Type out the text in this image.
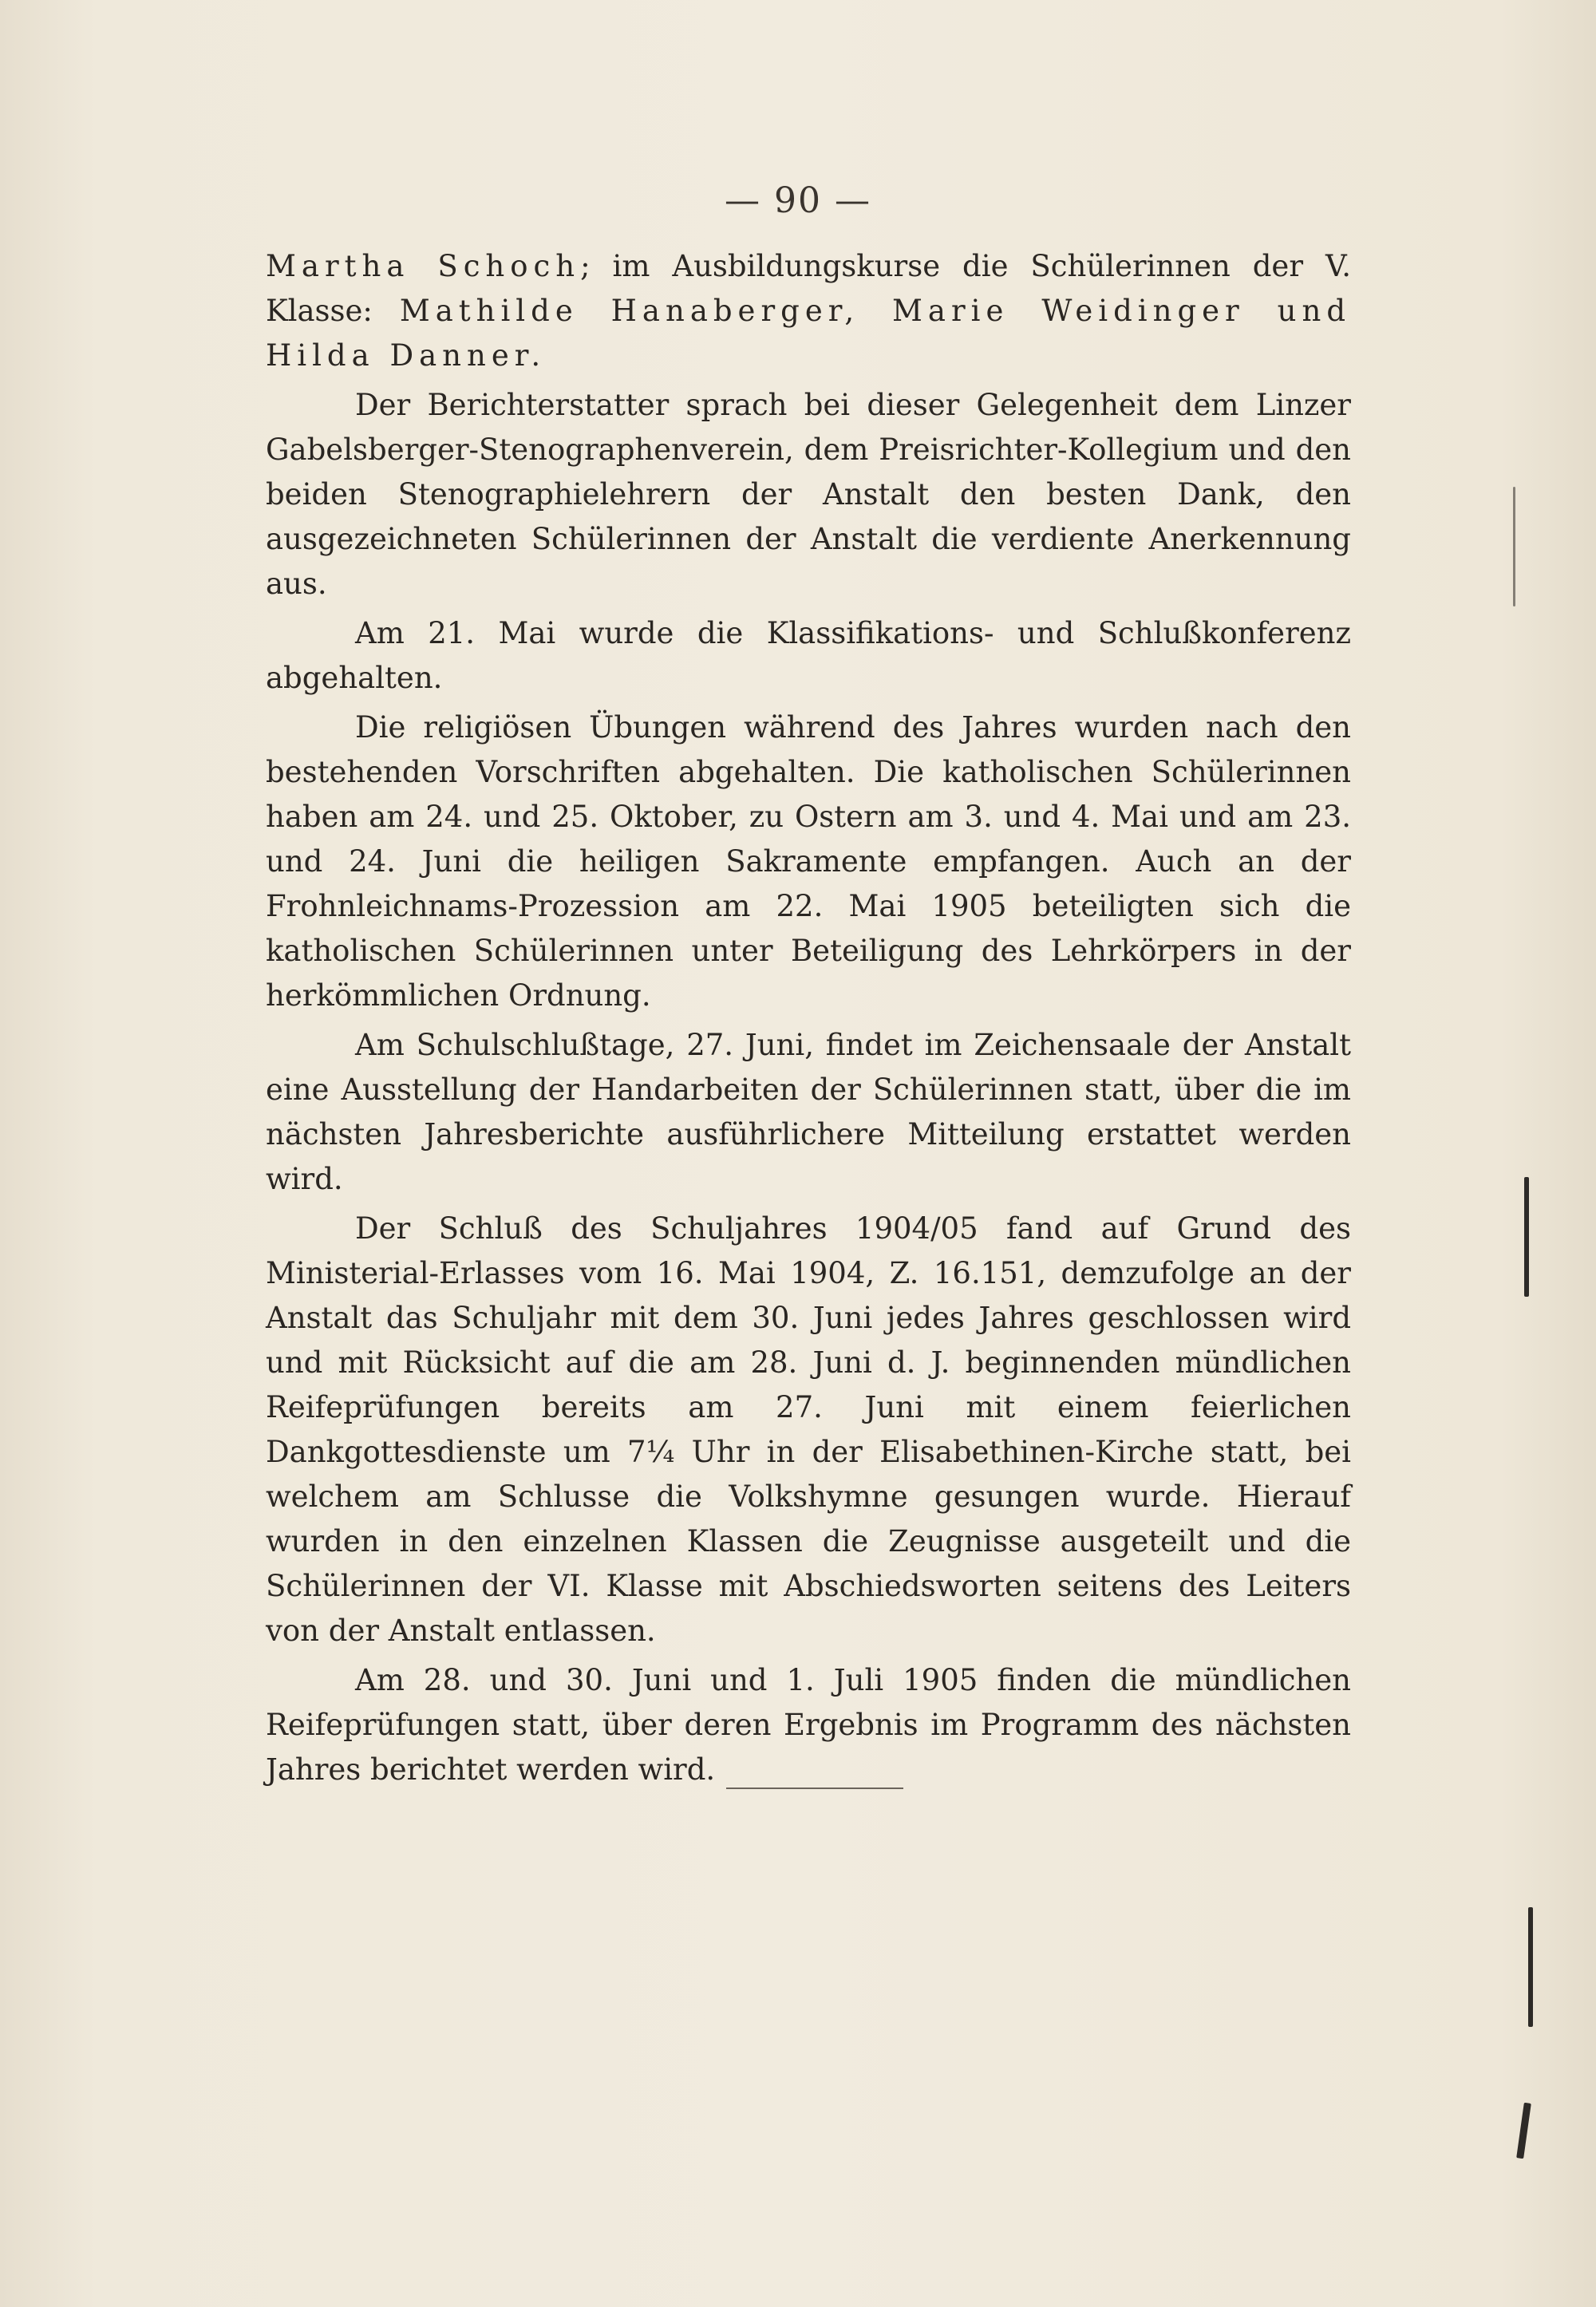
— 90 —

Martha Schoch; im Ausbildungskurse die Schülerinnen der V. Klasse: Mathilde Hanaberger, Marie Weidinger und Hilda Danner.

Der Berichterstatter sprach bei dieser Gelegenheit dem Linzer Gabelsberger-Stenographenverein, dem Preisrichter-Kollegium und den beiden Stenographielehrern der Anstalt den besten Dank, den ausgezeichneten Schülerinnen der Anstalt die verdiente Anerkennung aus.

Am 21. Mai wurde die Klassifikations- und Schlußkonferenz abgehalten.

Die religiösen Übungen während des Jahres wurden nach den bestehenden Vorschriften abgehalten. Die katholischen Schülerinnen haben am 24. und 25. Oktober, zu Ostern am 3. und 4. Mai und am 23. und 24. Juni die heiligen Sakramente empfangen. Auch an der Frohnleichnams-Prozession am 22. Mai 1905 beteiligten sich die katholischen Schülerinnen unter Beteiligung des Lehrkörpers in der herkömmlichen Ordnung.

Am Schulschlußtage, 27. Juni, findet im Zeichensaale der Anstalt eine Ausstellung der Handarbeiten der Schülerinnen statt, über die im nächsten Jahresberichte ausführlichere Mitteilung erstattet werden wird.

Der Schluß des Schuljahres 1904/05 fand auf Grund des Ministerial-Erlasses vom 16. Mai 1904, Z. 16.151, demzufolge an der Anstalt das Schuljahr mit dem 30. Juni jedes Jahres geschlossen wird und mit Rücksicht auf die am 28. Juni d. J. beginnenden mündlichen Reifeprüfungen bereits am 27. Juni mit einem feierlichen Dankgottesdienste um 7¼ Uhr in der Elisabethinen-Kirche statt, bei welchem am Schlusse die Volkshymne gesungen wurde. Hierauf wurden in den einzelnen Klassen die Zeugnisse ausgeteilt und die Schülerinnen der VI. Klasse mit Abschiedsworten seitens des Leiters von der Anstalt entlassen.

Am 28. und 30. Juni und 1. Juli 1905 finden die mündlichen Reifeprüfungen statt, über deren Ergebnis im Programm des nächsten Jahres berichtet werden wird.
